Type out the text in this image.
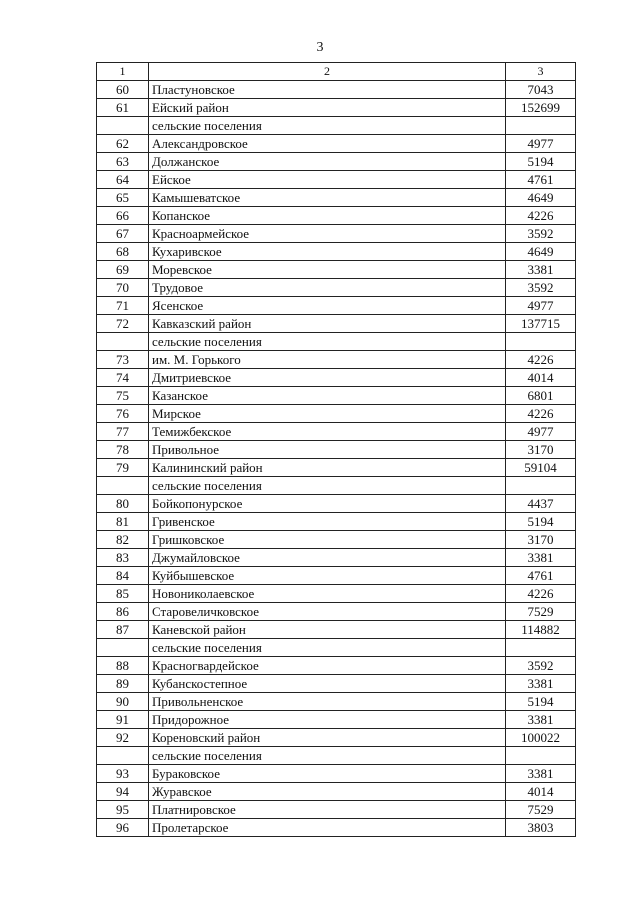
3
1	2	3
60	Пластуновское	7043
61	Ейский район	152699
	сельские поселения	
62	Александровское	4977
63	Должанское	5194
64	Ейское	4761
65	Камышеватское	4649
66	Копанское	4226
67	Красноармейское	3592
68	Кухаривское	4649
69	Моревское	3381
70	Трудовое	3592
71	Ясенское	4977
72	Кавказский район	137715
	сельские поселения	
73	им. М. Горького	4226
74	Дмитриевское	4014
75	Казанское	6801
76	Мирское	4226
77	Темижбекское	4977
78	Привольное	3170
79	Калининский район	59104
	сельские поселения	
80	Бойкопонурское	4437
81	Гривенское	5194
82	Гришковское	3170
83	Джумайловское	3381
84	Куйбышевское	4761
85	Новониколаевское	4226
86	Старовеличковское	7529
87	Каневской район	114882
	сельские поселения	
88	Красногвардейское	3592
89	Кубанскостепное	3381
90	Привольненское	5194
91	Придорожное	3381
92	Кореновский район	100022
	сельские поселения	
93	Бураковское	3381
94	Журавское	4014
95	Платнировское	7529
96	Пролетарское	3803
